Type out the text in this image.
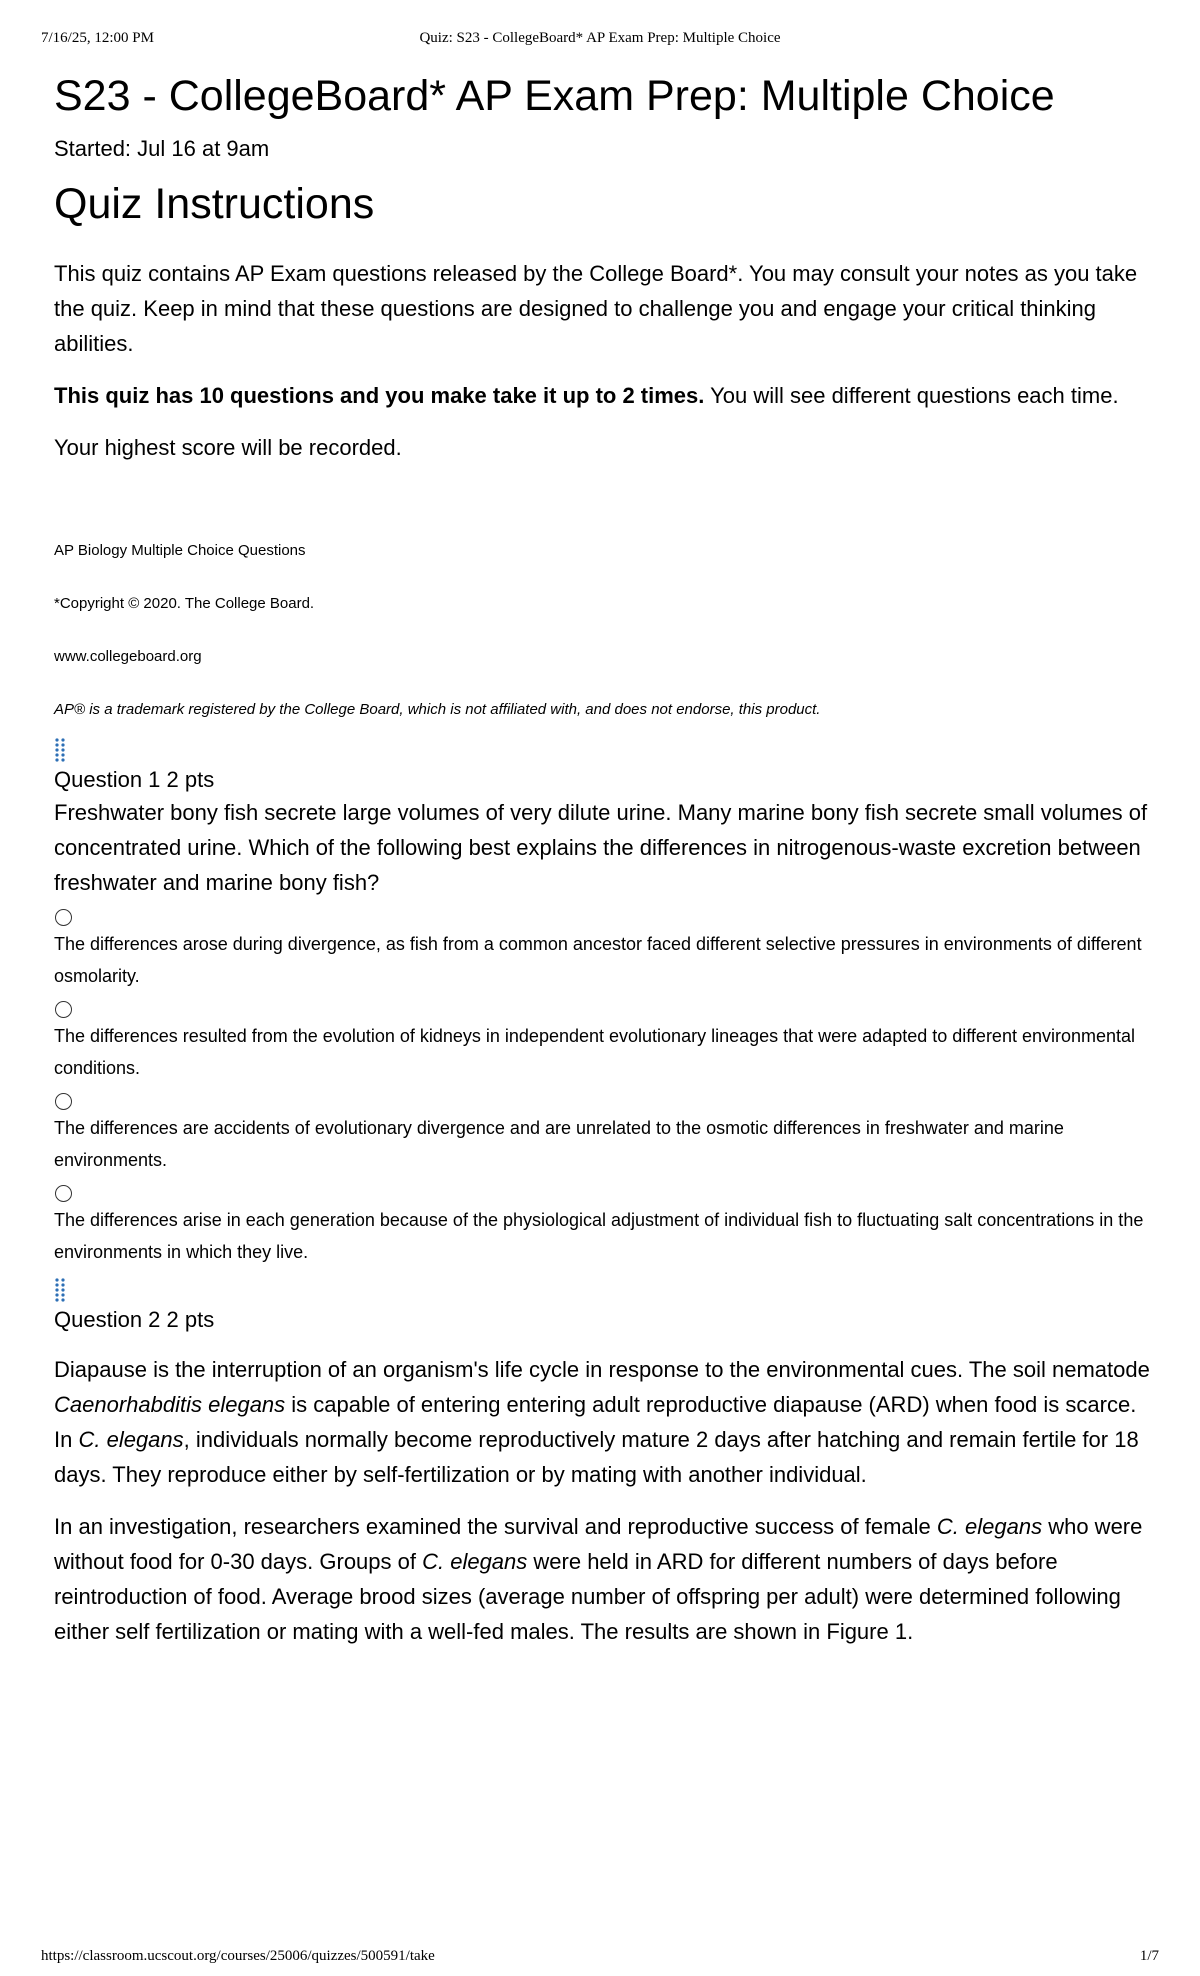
7/16/25, 12:00 PM	Quiz: S23 - CollegeBoard* AP Exam Prep: Multiple Choice
S23 - CollegeBoard* AP Exam Prep: Multiple Choice
Started: Jul 16 at 9am
Quiz Instructions

This quiz contains AP Exam questions released by the College Board*. You may consult your notes as you take the quiz. Keep in mind that these questions are designed to challenge you and engage your critical thinking abilities.

This quiz has 10 questions and you make take it up to 2 times. You will see different questions each time.

Your highest score will be recorded.

AP Biology Multiple Choice Questions

*Copyright © 2020. The College Board.

www.collegeboard.org

AP® is a trademark registered by the College Board, which is not affiliated with, and does not endorse, this product.

Question 1 2 pts

Freshwater bony fish secrete large volumes of very dilute urine. Many marine bony fish secrete small volumes of concentrated urine. Which of the following best explains the differences in nitrogenous-waste excretion between freshwater and marine bony fish?

The differences arose during divergence, as fish from a common ancestor faced different selective pressures in environments of different osmolarity.

The differences resulted from the evolution of kidneys in independent evolutionary lineages that were adapted to different environmental conditions.

The differences are accidents of evolutionary divergence and are unrelated to the osmotic differences in freshwater and marine environments.

The differences arise in each generation because of the physiological adjustment of individual fish to fluctuating salt concentrations in the environments in which they live.

Question 2 2 pts

Diapause is the interruption of an organism's life cycle in response to the environmental cues. The soil nematode Caenorhabditis elegans is capable of entering entering adult reproductive diapause (ARD) when food is scarce. In C. elegans, individuals normally become reproductively mature 2 days after hatching and remain fertile for 18 days. They reproduce either by self-fertilization or by mating with another individual.

In an investigation, researchers examined the survival and reproductive success of female C. elegans who were without food for 0-30 days. Groups of C. elegans were held in ARD for different numbers of days before reintroduction of food. Average brood sizes (average number of offspring per adult) were determined following either self fertilization or mating with a well-fed males. The results are shown in Figure 1.

https://classroom.ucscout.org/courses/25006/quizzes/500591/take	1/7
